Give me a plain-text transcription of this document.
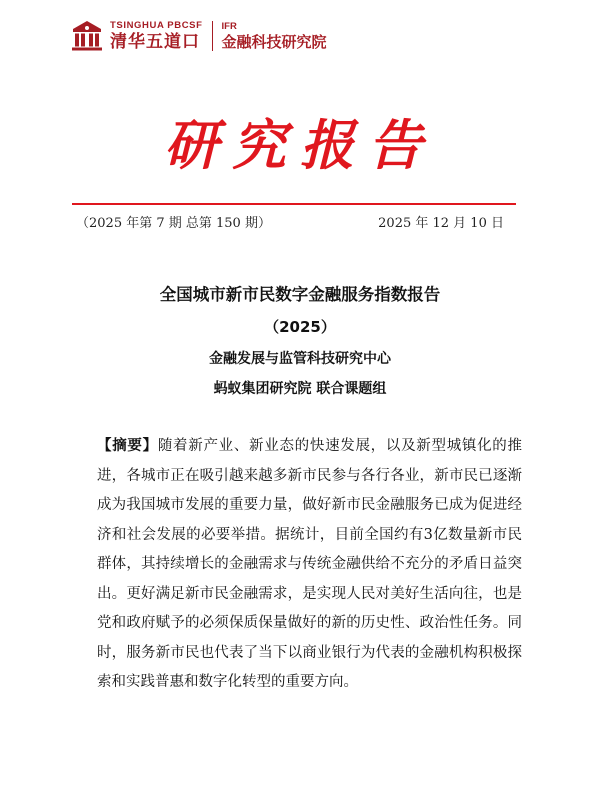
TSINGHUA PBCSF
清华五道口
IFR
金融科技研究院
研究报告
（2025 年第 7 期 总第 150 期）	2025 年 12 月 10 日
全国城市新市民数字金融服务指数报告
（2025）
金融发展与监管科技研究中心
蚂蚁集团研究院 联合课题组
【摘要】随着新产业、新业态的快速发展，以及新型城镇化的推进，各城市正在吸引越来越多新市民参与各行各业，新市民已逐渐成为我国城市发展的重要力量，做好新市民金融服务已成为促进经济和社会发展的必要举措。据统计，目前全国约有3亿数量新市民群体，其持续增长的金融需求与传统金融供给不充分的矛盾日益突出。更好满足新市民金融需求，是实现人民对美好生活向往，也是党和政府赋予的必须保质保量做好的新的历史性、政治性任务。同时，服务新市民也代表了当下以商业银行为代表的金融机构积极探索和实践普惠和数字化转型的重要方向。
